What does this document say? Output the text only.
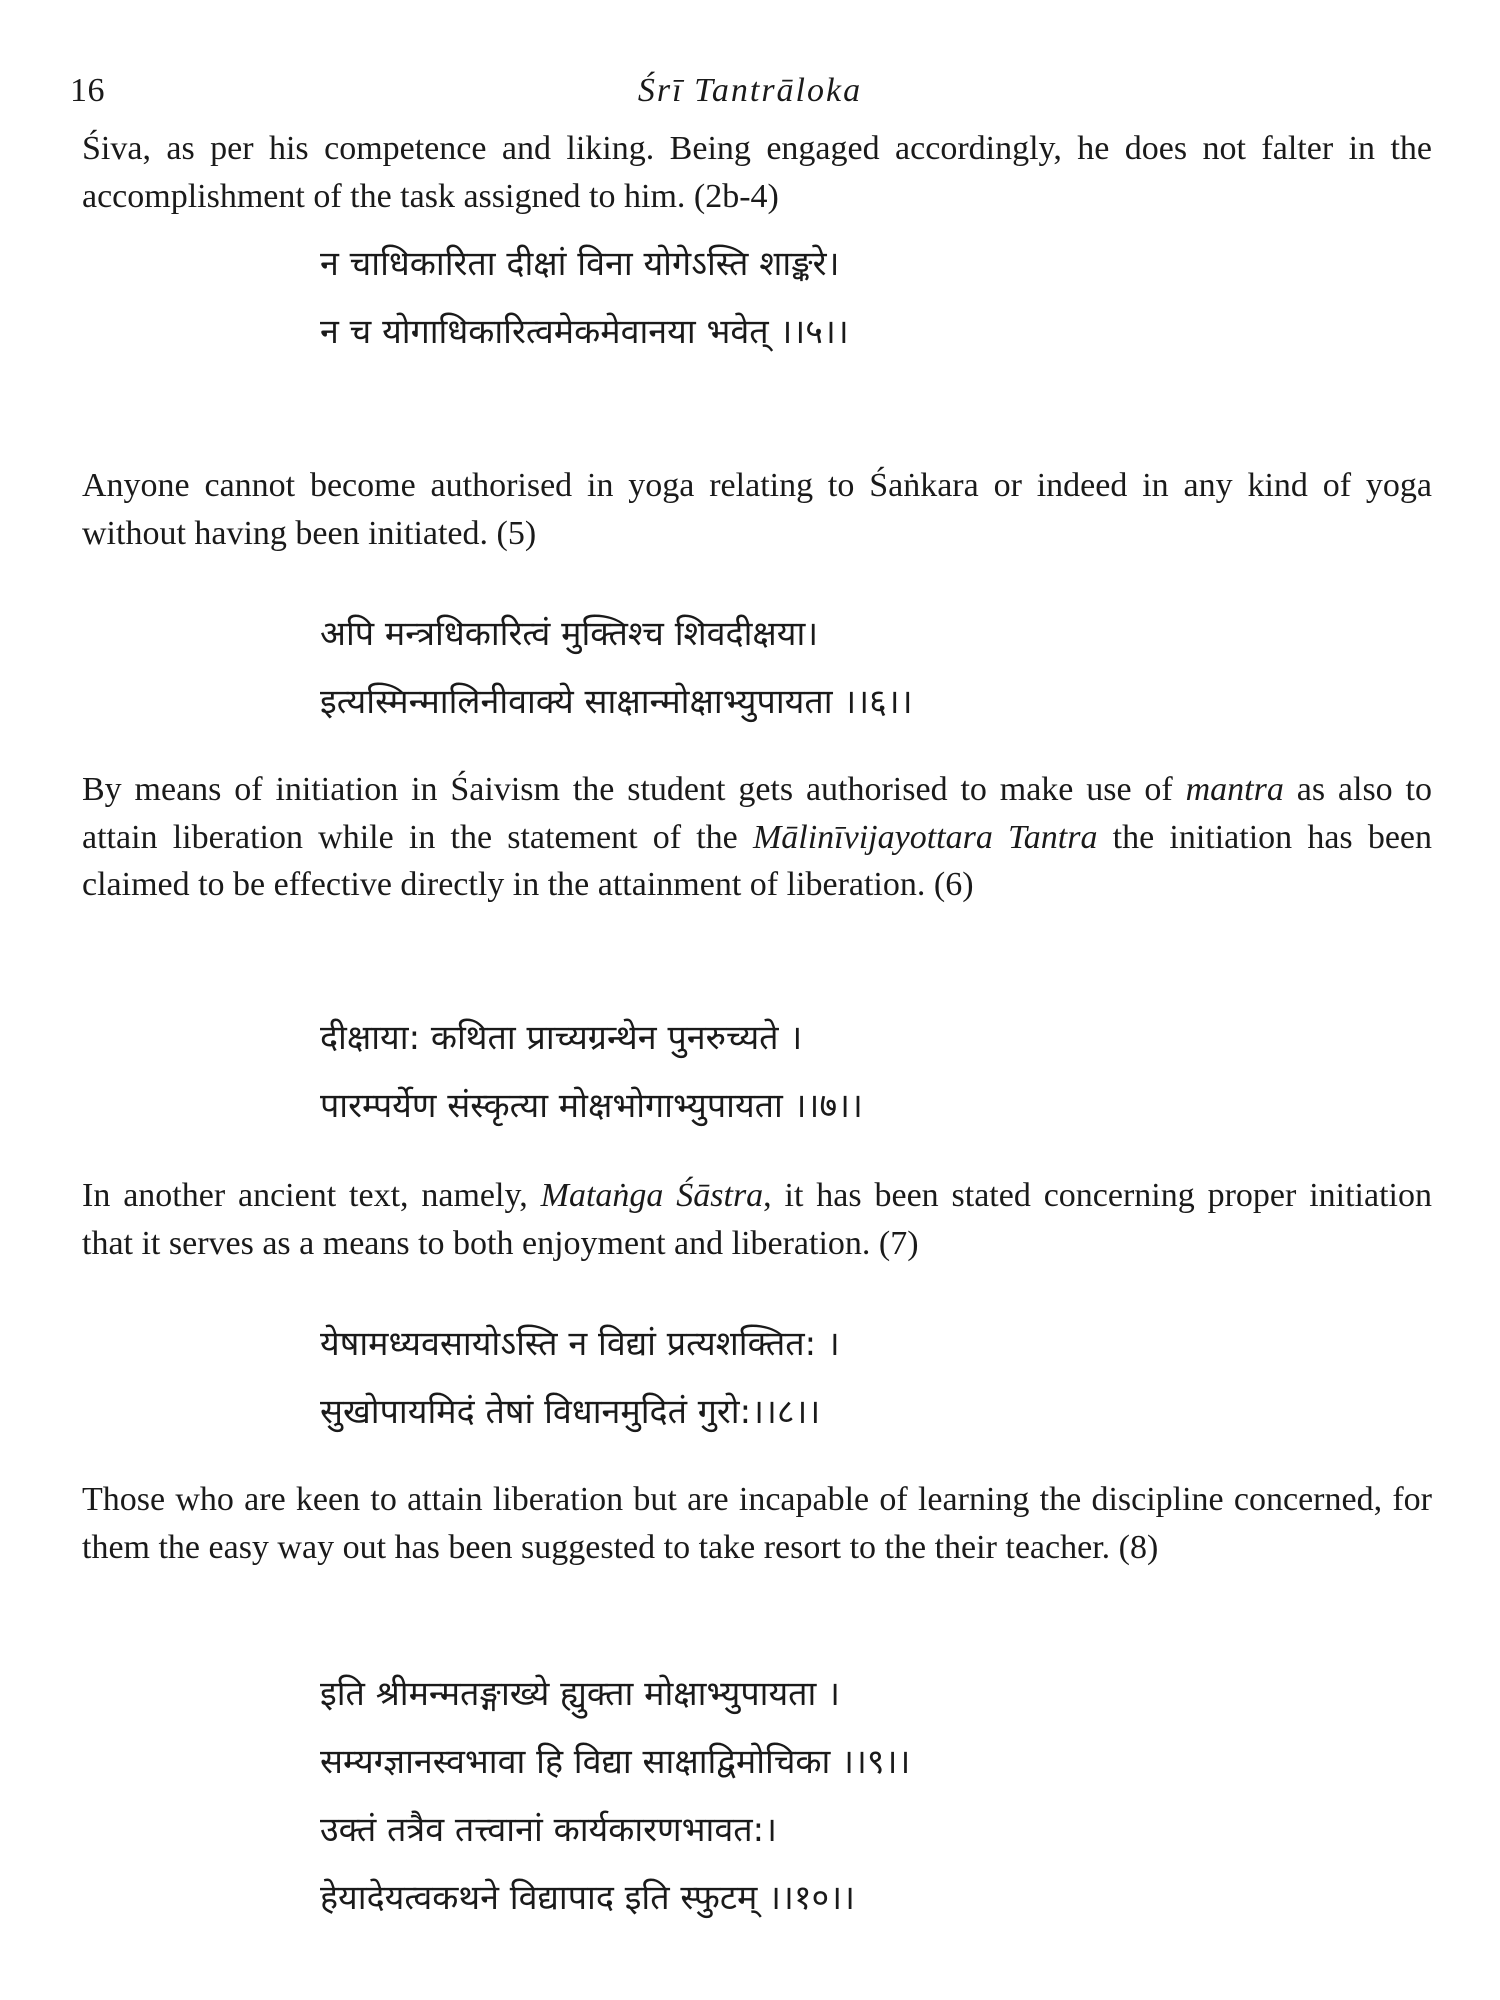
16	Śrī Tantrāloka

Śiva, as per his competence and liking. Being engaged accordingly, he does not falter in the accomplishment of the task assigned to him. (2b-4)

न चाधिकारिता दीक्षां विना योगेऽस्ति शाङ्करे।
न च योगाधिकारित्वमेकमेवानया भवेत् ।।५।।

Anyone cannot become authorised in yoga relating to Śaṅkara or indeed in any kind of yoga without having been initiated. (5)

अपि मन्त्रधिकारित्वं मुक्तिश्च शिवदीक्षया।
इत्यस्मिन्मालिनीवाक्ये साक्षान्मोक्षाभ्युपायता ।।६।।

By means of initiation in Śaivism the student gets authorised to make use of mantra as also to attain liberation while in the statement of the Mālinīvijayottara Tantra the initiation has been claimed to be effective directly in the attainment of liberation. (6)

दीक्षाया: कथिता प्राच्यग्रन्थेन पुनरुच्यते ।
पारम्पर्येण संस्कृत्या मोक्षभोगाभ्युपायता ।।७।।

In another ancient text, namely, Mataṅga Śāstra, it has been stated concerning proper initiation that it serves as a means to both enjoyment and liberation. (7)

येषामध्यवसायोऽस्ति न विद्यां प्रत्यशक्तित: ।
सुखोपायमिदं तेषां विधानमुदितं गुरो:।।८।।

Those who are keen to attain liberation but are incapable of learning the discipline concerned, for them the easy way out has been suggested to take resort to the their teacher. (8)

इति श्रीमन्मतङ्गाख्ये ह्युक्ता मोक्षाभ्युपायता ।
सम्यग्ज्ञानस्वभावा हि विद्या साक्षाद्विमोचिका ।।९।।
उक्तं तत्रैव तत्त्वानां कार्यकारणभावत:।
हेयादेयत्वकथने विद्यापाद इति स्फुटम् ।।१०।।
